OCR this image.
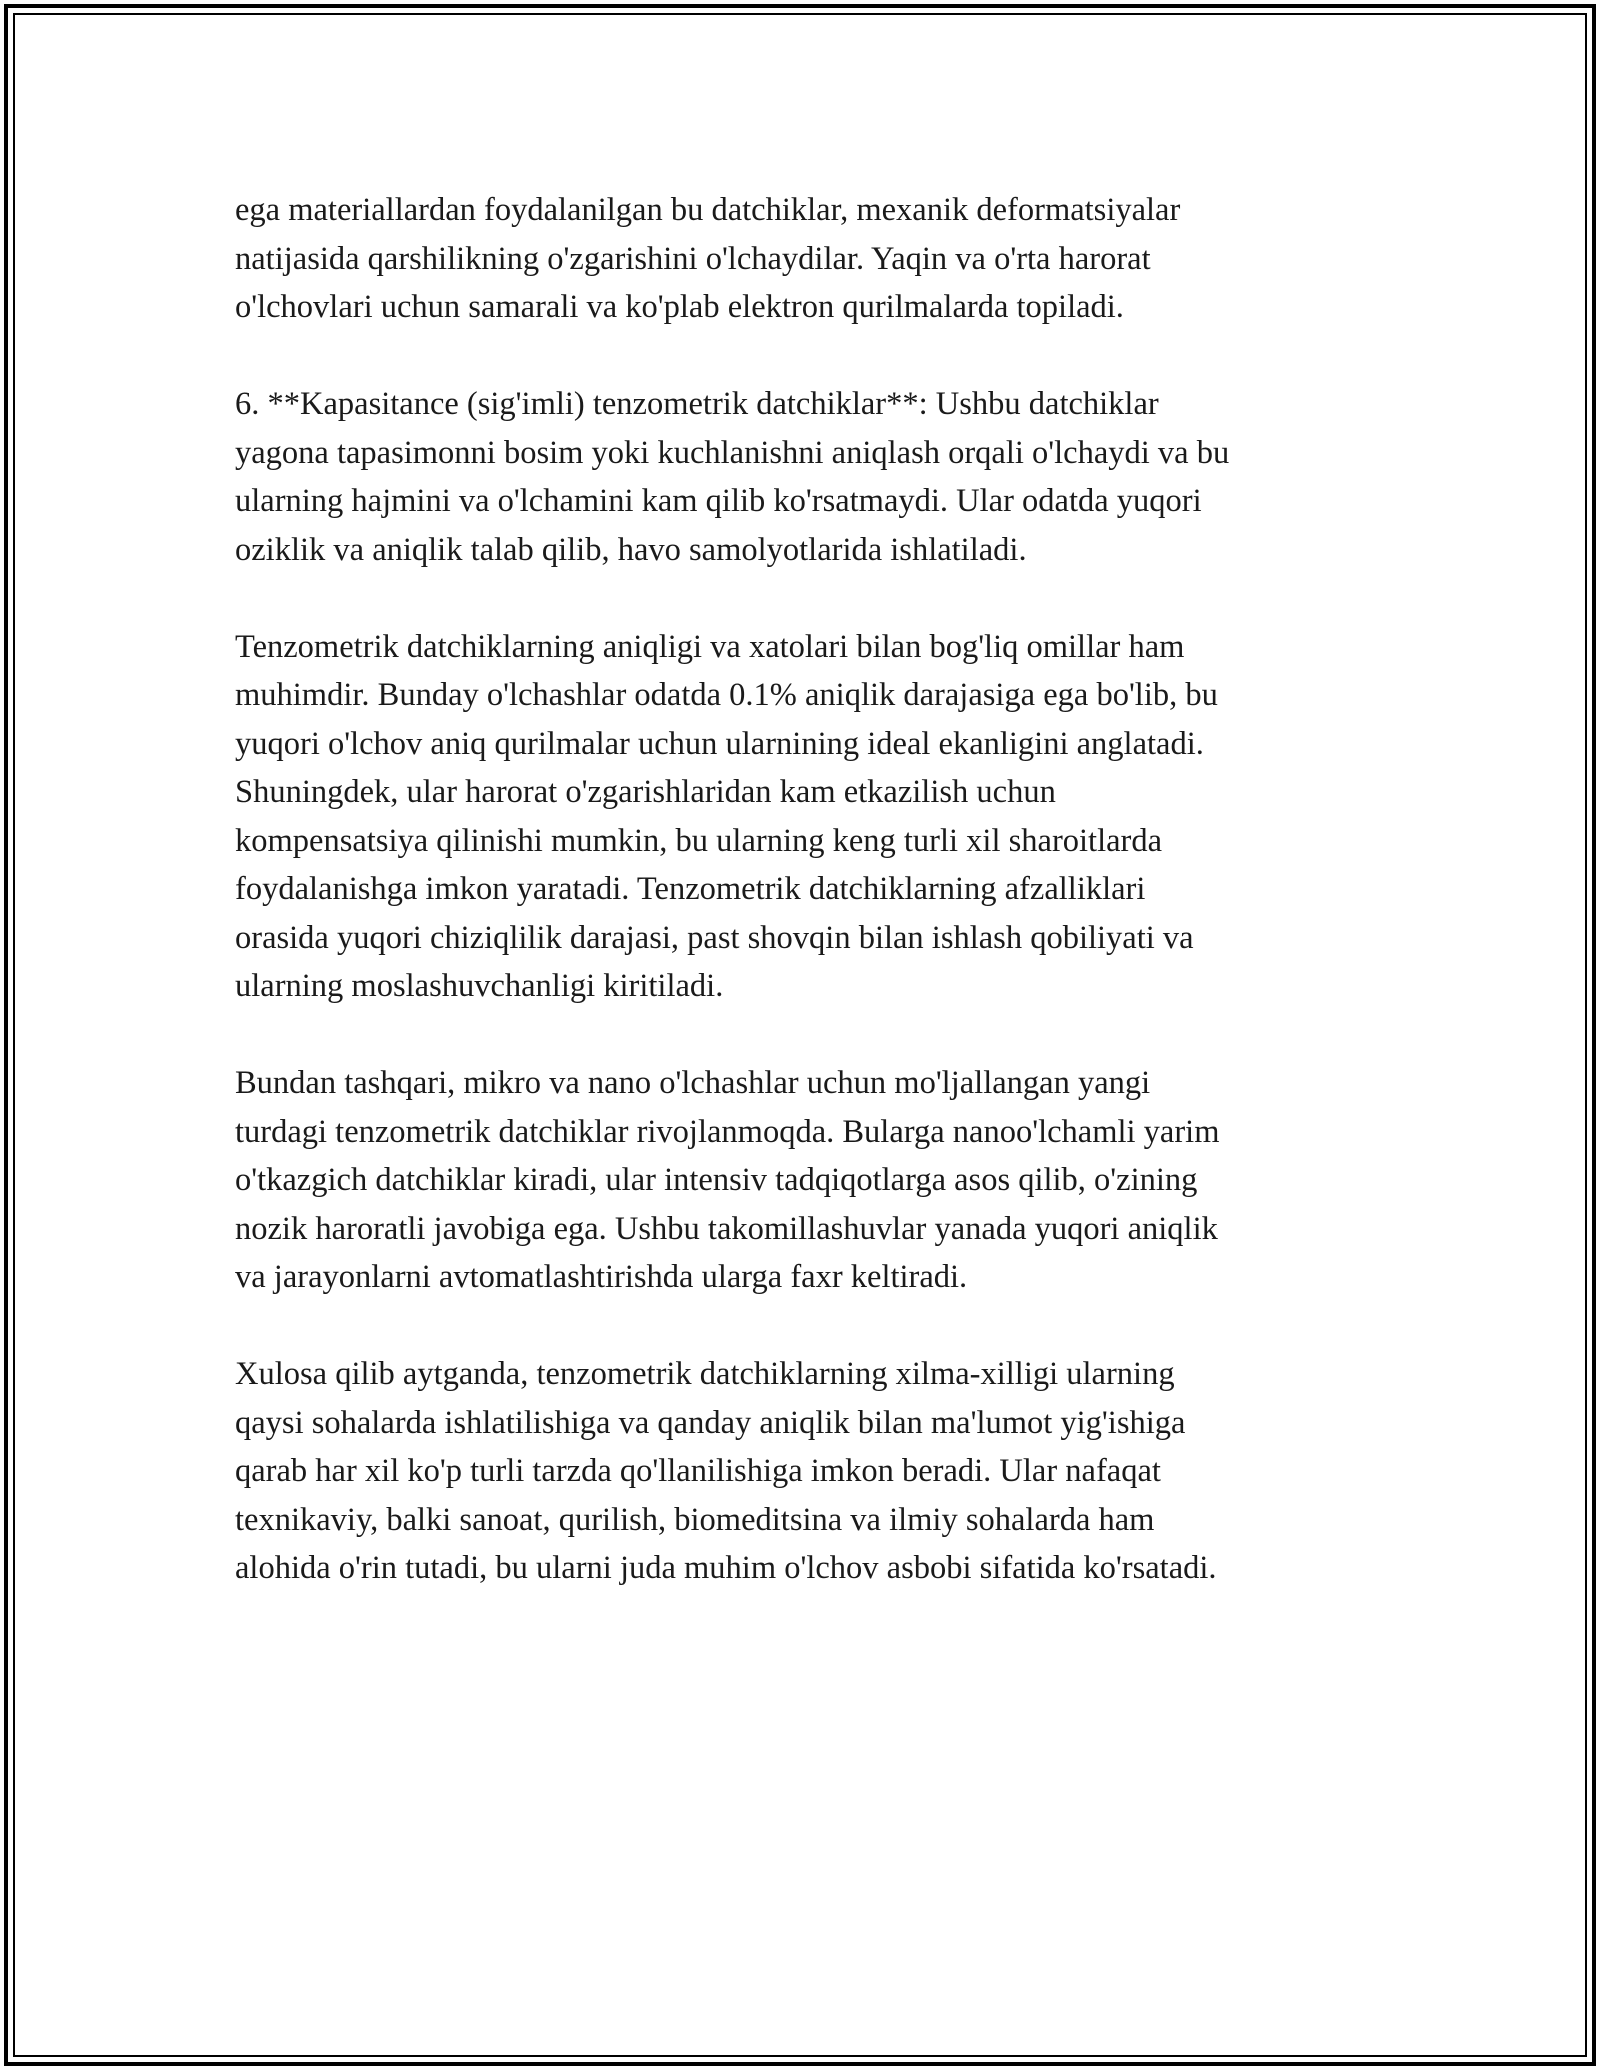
ega materiallardan foydalanilgan bu datchiklar, mexanik deformatsiyalar
natijasida qarshilikning o'zgarishini o'lchaydilar. Yaqin va o'rta harorat
o'lchovlari uchun samarali va ko'plab elektron qurilmalarda topiladi.

6. **Kapasitance (sig'imli) tenzometrik datchiklar**: Ushbu datchiklar
yagona tapasimonni bosim yoki kuchlanishni aniqlash orqali o'lchaydi va bu
ularning hajmini va o'lchamini kam qilib ko'rsatmaydi. Ular odatda yuqori
oziklik va aniqlik talab qilib, havo samolyotlarida ishlatiladi.

Tenzometrik datchiklarning aniqligi va xatolari bilan bog'liq omillar ham
muhimdir. Bunday o'lchashlar odatda 0.1% aniqlik darajasiga ega bo'lib, bu
yuqori o'lchov aniq qurilmalar uchun ularnining ideal ekanligini anglatadi.
Shuningdek, ular harorat o'zgarishlaridan kam etkazilish uchun
kompensatsiya qilinishi mumkin, bu ularning keng turli xil sharoitlarda
foydalanishga imkon yaratadi. Tenzometrik datchiklarning afzalliklari
orasida yuqori chiziqlilik darajasi, past shovqin bilan ishlash qobiliyati va
ularning moslashuvchanligi kiritiladi.

Bundan tashqari, mikro va nano o'lchashlar uchun mo'ljallangan yangi
turdagi tenzometrik datchiklar rivojlanmoqda. Bularga nanoo'lchamli yarim
o'tkazgich datchiklar kiradi, ular intensiv tadqiqotlarga asos qilib, o'zining
nozik haroratli javobiga ega. Ushbu takomillashuvlar yanada yuqori aniqlik
va jarayonlarni avtomatlashtirishda ularga faxr keltiradi.

Xulosa qilib aytganda, tenzometrik datchiklarning xilma-xilligi ularning
qaysi sohalarda ishlatilishiga va qanday aniqlik bilan ma'lumot yig'ishiga
qarab har xil ko'p turli tarzda qo'llanilishiga imkon beradi. Ular nafaqat
texnikaviy, balki sanoat, qurilish, biomeditsina va ilmiy sohalarda ham
alohida o'rin tutadi, bu ularni juda muhim o'lchov asbobi sifatida ko'rsatadi.
